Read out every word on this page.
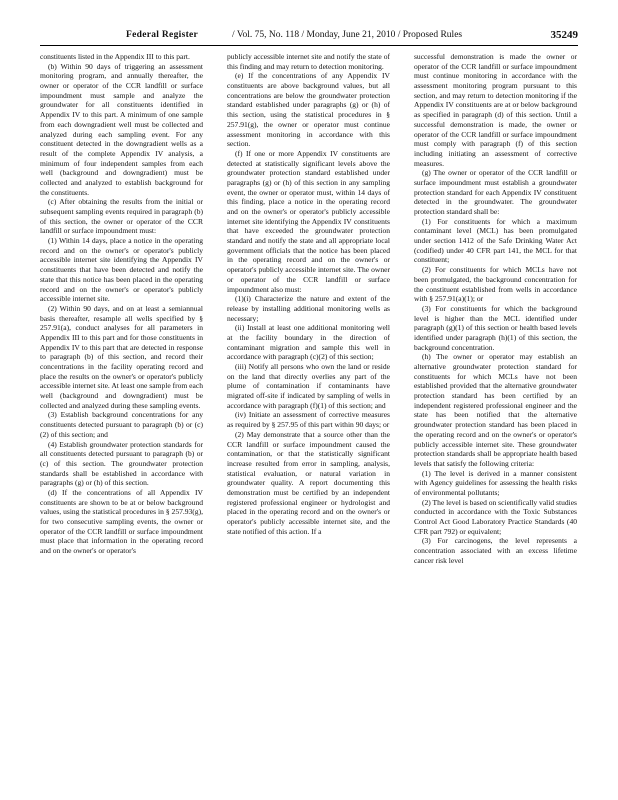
Federal Register	/ Vol. 75, No. 118 / Monday, June 21, 2010 / Proposed Rules	35249

constituents listed in the Appendix III to this part.

(b) Within 90 days of triggering an assessment monitoring program, and annually thereafter, the owner or operator of the CCR landfill or surface impoundment must sample and analyze the groundwater for all constituents identified in Appendix IV to this part. A minimum of one sample from each downgradient well must be collected and analyzed during each sampling event. For any constituent detected in the downgradient wells as a result of the complete Appendix IV analysis, a minimum of four independent samples from each well (background and downgradient) must be collected and analyzed to establish background for the constituents.

(c) After obtaining the results from the initial or subsequent sampling events required in paragraph (b) of this section, the owner or operator of the CCR landfill or surface impoundment must:

(1) Within 14 days, place a notice in the operating record and on the owner's or operator's publicly accessible internet site identifying the Appendix IV constituents that have been detected and notify the state that this notice has been placed in the operating record and on the owner's or operator's publicly accessible internet site.

(2) Within 90 days, and on at least a semiannual basis thereafter, resample all wells specified by § 257.91(a), conduct analyses for all parameters in Appendix III to this part and for those constituents in Appendix IV to this part that are detected in response to paragraph (b) of this section, and record their concentrations in the facility operating record and place the results on the owner's or operator's publicly accessible internet site. At least one sample from each well (background and downgradient) must be collected and analyzed during these sampling events.

(3) Establish background concentrations for any constituents detected pursuant to paragraph (b) or (c)(2) of this section; and

(4) Establish groundwater protection standards for all constituents detected pursuant to paragraph (b) or (c) of this section. The groundwater protection standards shall be established in accordance with paragraphs (g) or (h) of this section.

(d) If the concentrations of all Appendix IV constituents are shown to be at or below background values, using the statistical procedures in § 257.93(g), for two consecutive sampling events, the owner or operator of the CCR landfill or surface impoundment must place that information in the operating record and on the owner's or operator's

publicly accessible internet site and notify the state of this finding and may return to detection monitoring.

(e) If the concentrations of any Appendix IV constituents are above background values, but all concentrations are below the groundwater protection standard established under paragraphs (g) or (h) of this section, using the statistical procedures in § 257.91(g), the owner or operator must continue assessment monitoring in accordance with this section.

(f) If one or more Appendix IV constituents are detected at statistically significant levels above the groundwater protection standard established under paragraphs (g) or (h) of this section in any sampling event, the owner or operator must, within 14 days of this finding, place a notice in the operating record and on the owner's or operator's publicly accessible internet site identifying the Appendix IV constituents that have exceeded the groundwater protection standard and notify the state and all appropriate local government officials that the notice has been placed in the operating record and on the owner's or operator's publicly accessible internet site. The owner or operator of the CCR landfill or surface impoundment also must:

(1)(i) Characterize the nature and extent of the release by installing additional monitoring wells as necessary;

(ii) Install at least one additional monitoring well at the facility boundary in the direction of contaminant migration and sample this well in accordance with paragraph (c)(2) of this section;

(iii) Notify all persons who own the land or reside on the land that directly overlies any part of the plume of contamination if contaminants have migrated off-site if indicated by sampling of wells in accordance with paragraph (f)(1) of this section; and

(iv) Initiate an assessment of corrective measures as required by § 257.95 of this part within 90 days; or

(2) May demonstrate that a source other than the CCR landfill or surface impoundment caused the contamination, or that the statistically significant increase resulted from error in sampling, analysis, statistical evaluation, or natural variation in groundwater quality. A report documenting this demonstration must be certified by an independent registered professional engineer or hydrologist and placed in the operating record and on the owner's or operator's publicly accessible internet site, and the state notified of this action. If a

successful demonstration is made the owner or operator of the CCR landfill or surface impoundment must continue monitoring in accordance with the assessment monitoring program pursuant to this section, and may return to detection monitoring if the Appendix IV constituents are at or below background as specified in paragraph (d) of this section. Until a successful demonstration is made, the owner or operator of the CCR landfill or surface impoundment must comply with paragraph (f) of this section including initiating an assessment of corrective measures.

(g) The owner or operator of the CCR landfill or surface impoundment must establish a groundwater protection standard for each Appendix IV constituent detected in the groundwater. The groundwater protection standard shall be:

(1) For constituents for which a maximum contaminant level (MCL) has been promulgated under section 1412 of the Safe Drinking Water Act (codified) under 40 CFR part 141, the MCL for that constituent;

(2) For constituents for which MCLs have not been promulgated, the background concentration for the constituent established from wells in accordance with § 257.91(a)(1); or

(3) For constituents for which the background level is higher than the MCL identified under paragraph (g)(1) of this section or health based levels identified under paragraph (h)(1) of this section, the background concentration.

(h) The owner or operator may establish an alternative groundwater protection standard for constituents for which MCLs have not been established provided that the alternative groundwater protection standard has been certified by an independent registered professional engineer and the state has been notified that the alternative groundwater protection standard has been placed in the operating record and on the owner's or operator's publicly accessible internet site. These groundwater protection standards shall be appropriate health based levels that satisfy the following criteria:

(1) The level is derived in a manner consistent with Agency guidelines for assessing the health risks of environmental pollutants;

(2) The level is based on scientifically valid studies conducted in accordance with the Toxic Substances Control Act Good Laboratory Practice Standards (40 CFR part 792) or equivalent;

(3) For carcinogens, the level represents a concentration associated with an excess lifetime cancer risk level
